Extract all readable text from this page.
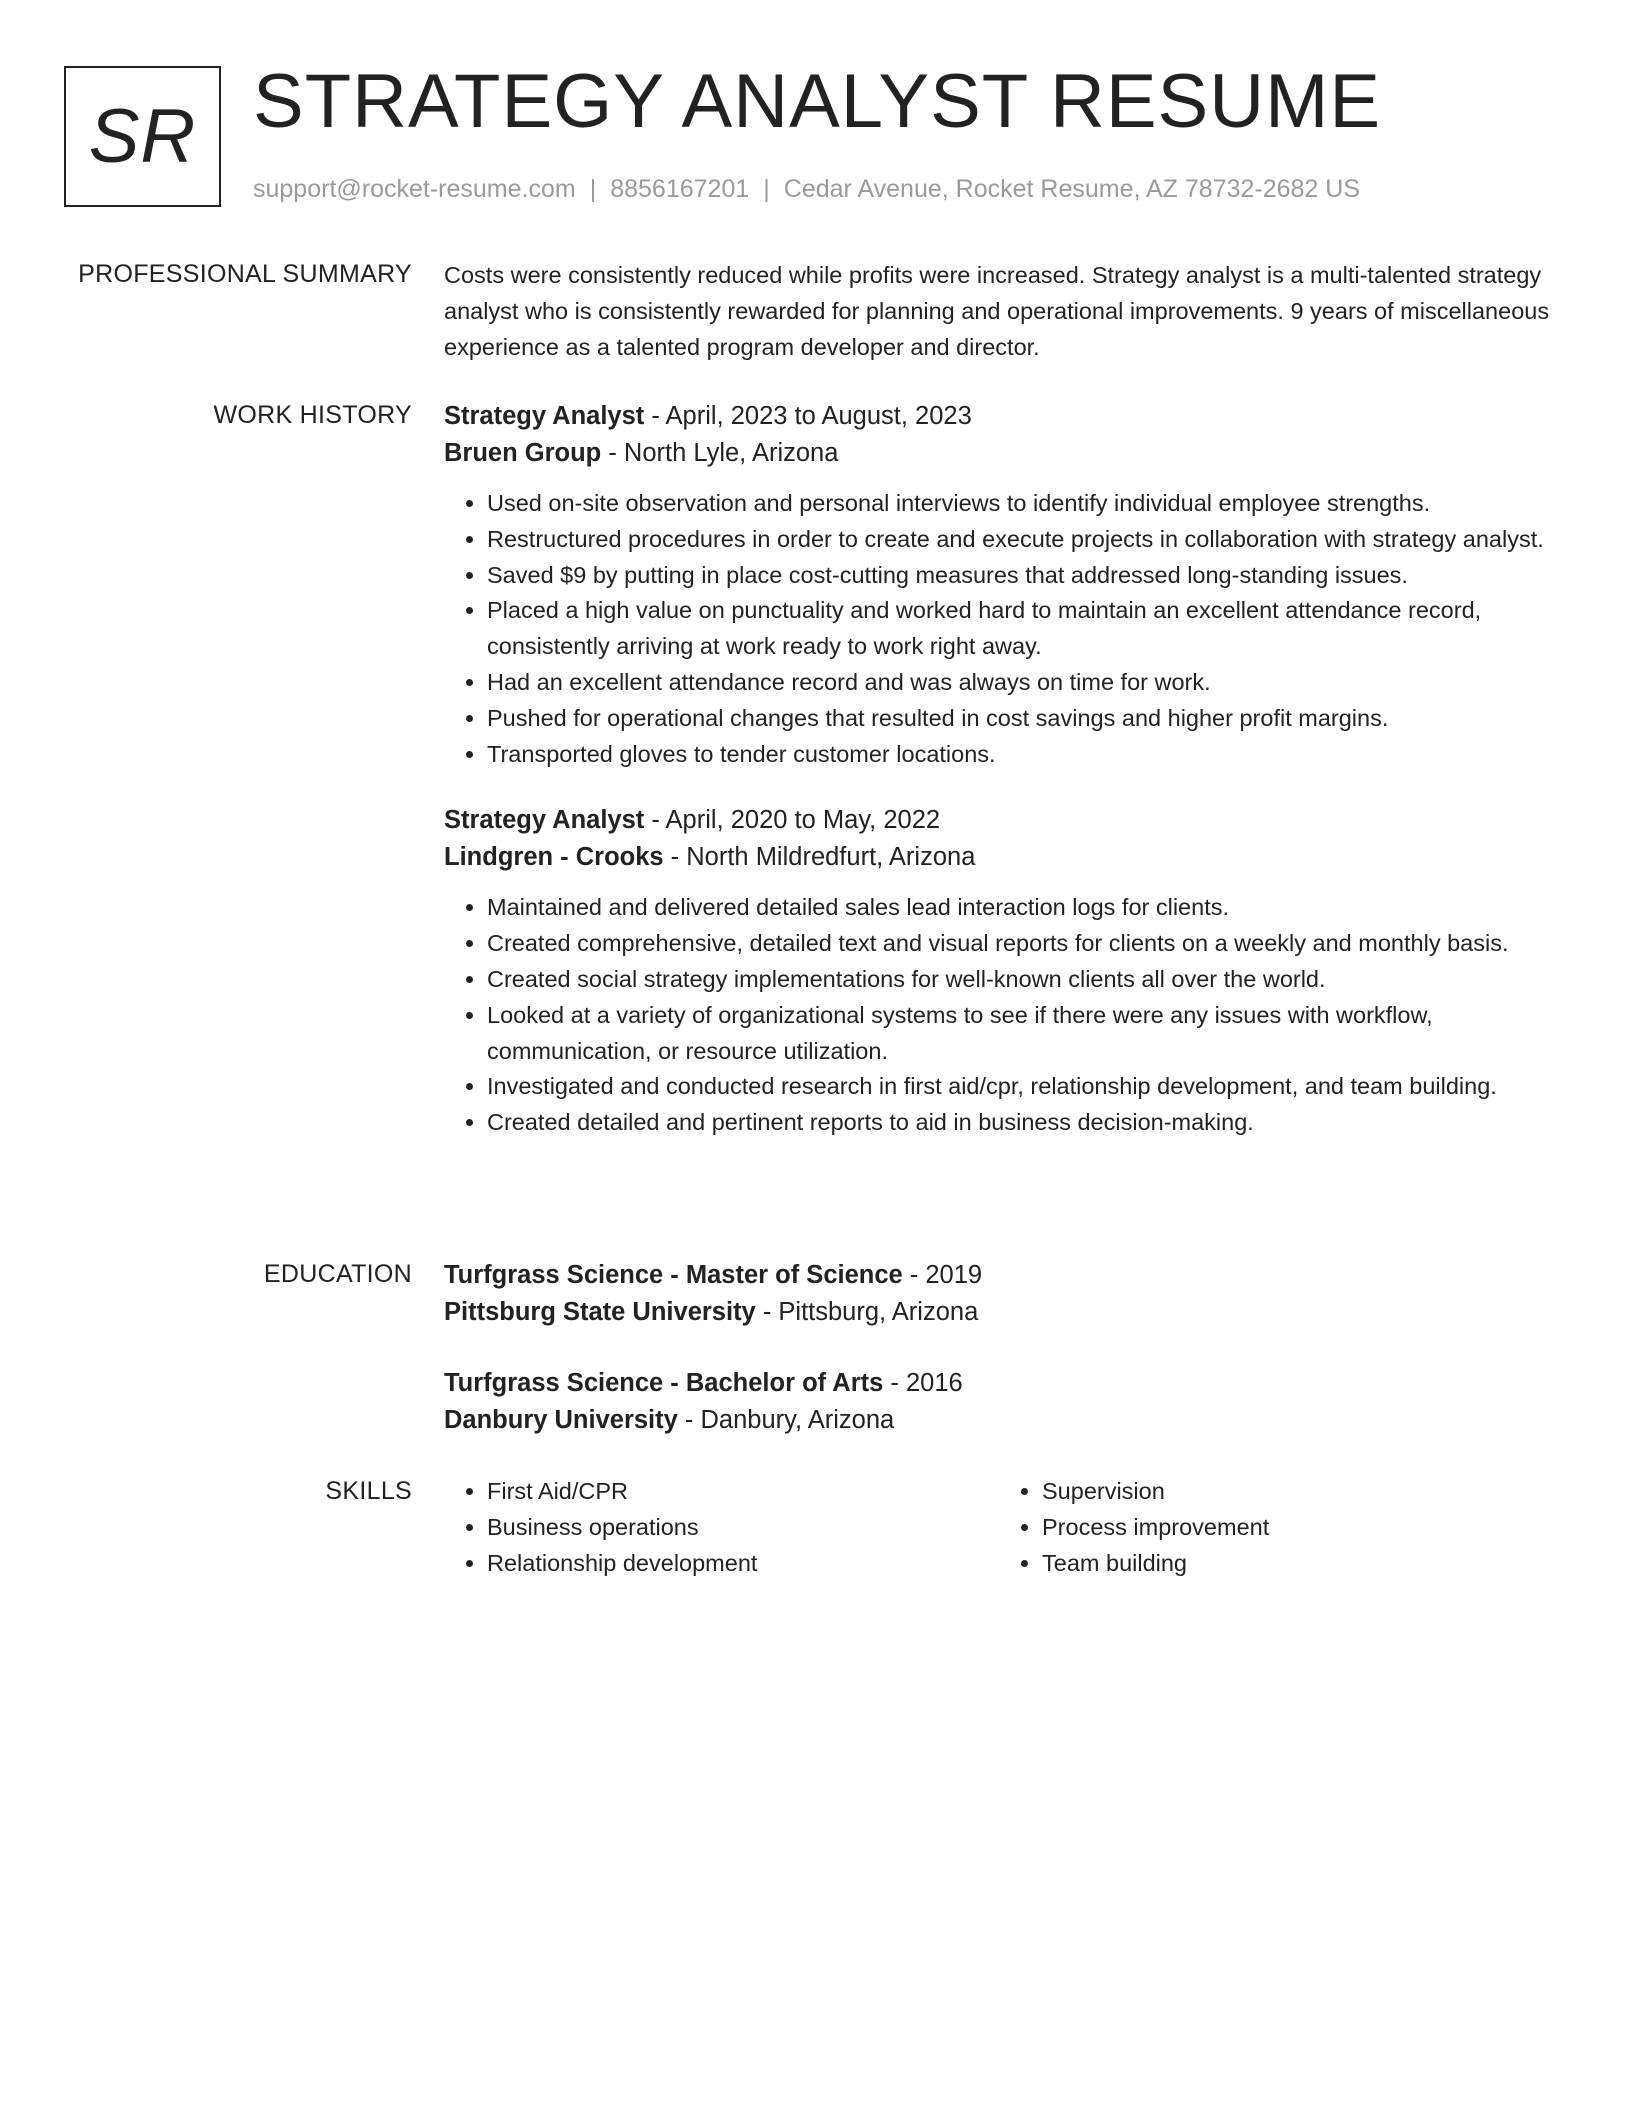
SR STRATEGY ANALYST RESUME
support@rocket-resume.com | 8856167201 | Cedar Avenue, Rocket Resume, AZ 78732-2682 US
PROFESSIONAL SUMMARY Costs were consistently reduced while profits were increased. Strategy analyst is a multi-talented strategy analyst who is consistently rewarded for planning and operational improvements. 9 years of miscellaneous experience as a talented program developer and director.

WORK HISTORY Strategy Analyst - April, 2023 to August, 2023

Bruen Group - North Lyle, Arizona

• Used on-site observation and personal interviews to identify individual employee strengths.
• Restructured procedures in order to create and execute projects in collaboration with strategy analyst.
• Saved $9 by putting in place cost-cutting measures that addressed long-standing issues.
• Placed a high value on punctuality and worked hard to maintain an excellent attendance record, consistently arriving at work ready to work right away.
• Had an excellent attendance record and was always on time for work.
• Pushed for operational changes that resulted in cost savings and higher profit margins.
• Transported gloves to tender customer locations.

Strategy Analyst - April, 2020 to May, 2022

Lindgren - Crooks - North Mildredfurt, Arizona

• Maintained and delivered detailed sales lead interaction logs for clients.
• Created comprehensive, detailed text and visual reports for clients on a weekly and monthly basis.
• Created social strategy implementations for well-known clients all over the world.
• Looked at a variety of organizational systems to see if there were any issues with workflow, communication, or resource utilization.
• Investigated and conducted research in first aid/cpr, relationship development, and team building.
• Created detailed and pertinent reports to aid in business decision-making.
EDUCATION Turfgrass Science - Master of Science - 2019

Pittsburg State University - Pittsburg, Arizona

Turfgrass Science - Bachelor of Arts - 2016

Danbury University - Danbury, Arizona

SKILLS
•	First Aid/CPR
• Business operations
• Relationship development
• Supervision
• Process improvement
• Team building
